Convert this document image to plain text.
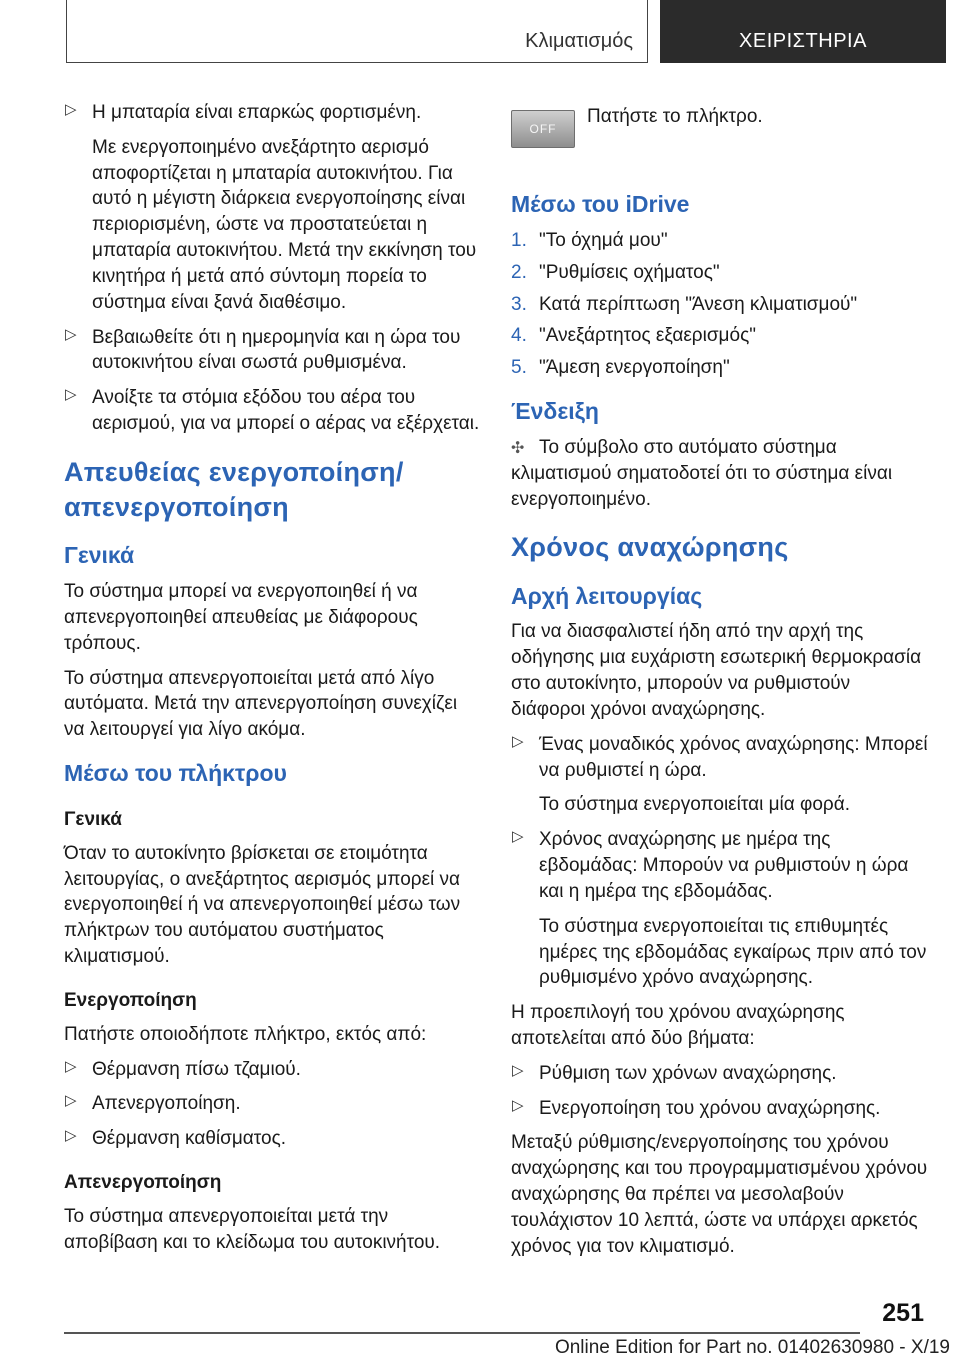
Κλιματισμός	ΧΕΙΡΙΣΤΗΡΙΑ
▷ Η μπαταρία είναι επαρκώς φορτισμένη.

Με ενεργοποιημένο ανεξάρτητο αερισμό αποφορτίζεται η μπαταρία αυτοκινήτου. Για αυτό η μέγιστη διάρκεια ενεργοποίησης είναι περιορισμένη, ώστε να προστατεύεται η μπαταρία αυτοκινήτου. Μετά την εκκίνηση του κινητήρα ή μετά από σύντομη πορεία το σύστημα είναι ξανά διαθέσιμο.

▷ Βεβαιωθείτε ότι η ημερομηνία και η ώρα του αυτοκινήτου είναι σωστά ρυθμισμένα.
▷ Ανοίξτε τα στόμια εξόδου του αέρα του αερισμού, για να μπορεί ο αέρας να εξέρχεται.
Απευθείας ενεργοποίηση/ απενεργοποίηση
Γενικά

Το σύστημα μπορεί να ενεργοποιηθεί ή να απενεργοποιηθεί απευθείας με διάφορους τρόπους.

Το σύστημα απενεργοποιείται μετά από λίγο αυτόματα. Μετά την απενεργοποίηση συνεχίζει να λειτουργεί για λίγο ακόμα.

Μέσω του πλήκτρου
Γενικά

Όταν το αυτοκίνητο βρίσκεται σε ετοιμότητα λειτουργίας, ο ανεξάρτητος αερισμός μπορεί να ενεργοποιηθεί ή να απενεργοποιηθεί μέσω των πλήκτρων του αυτόματου συστήματος κλιματισμού.

Ενεργοποίηση

Πατήστε οποιοδήποτε πλήκτρο, εκτός από:

▷ Θέρμανση πίσω τζαμιού.
▷ Απενεργοποίηση.
▷ Θέρμανση καθίσματος.
Απενεργοποίηση

Το σύστημα απενεργοποιείται μετά την αποβίβαση και το κλείδωμα του αυτοκινήτου.

OFF
Πατήστε το πλήκτρο.
Μέσω του iDrive
1. "Το όχημά μου"
2. "Ρυθμίσεις οχήματος"
3. Κατά περίπτωση "Άνεση κλιματισμού"
4. "Ανεξάρτητος εξαερισμός"
5. "Άμεση ενεργοποίηση"
Ένδειξη

✣ Το σύμβολο στο αυτόματο σύστημα κλιματισμού σηματοδοτεί ότι το σύστημα είναι ενεργοποιημένο.

Χρόνος αναχώρησης
Αρχή λειτουργίας

Για να διασφαλιστεί ήδη από την αρχή της οδήγησης μια ευχάριστη εσωτερική θερμοκρασία στο αυτοκίνητο, μπορούν να ρυθμιστούν διάφοροι χρόνοι αναχώρησης.

▷ Ένας μοναδικός χρόνος αναχώρησης: Μπορεί να ρυθμιστεί η ώρα.

Το σύστημα ενεργοποιείται μία φορά.

▷ Χρόνος αναχώρησης με ημέρα της εβδομάδας: Μπορούν να ρυθμιστούν η ώρα και η ημέρα της εβδομάδας.

Το σύστημα ενεργοποιείται τις επιθυμητές ημέρες της εβδομάδας εγκαίρως πριν από τον ρυθμισμένο χρόνο αναχώρησης.

Η προεπιλογή του χρόνου αναχώρησης αποτελείται από δύο βήματα:

▷ Ρύθμιση των χρόνων αναχώρησης.
▷ Ενεργοποίηση του χρόνου αναχώρησης.

Μεταξύ ρύθμισης/ενεργοποίησης του χρόνου αναχώρησης και του προγραμματισμένου χρόνου αναχώρησης θα πρέπει να μεσολαβούν τουλάχιστον 10 λεπτά, ώστε να υπάρχει αρκετός χρόνος για τον κλιματισμό.

251
Online Edition for Part no. 01402630980 - X/19
